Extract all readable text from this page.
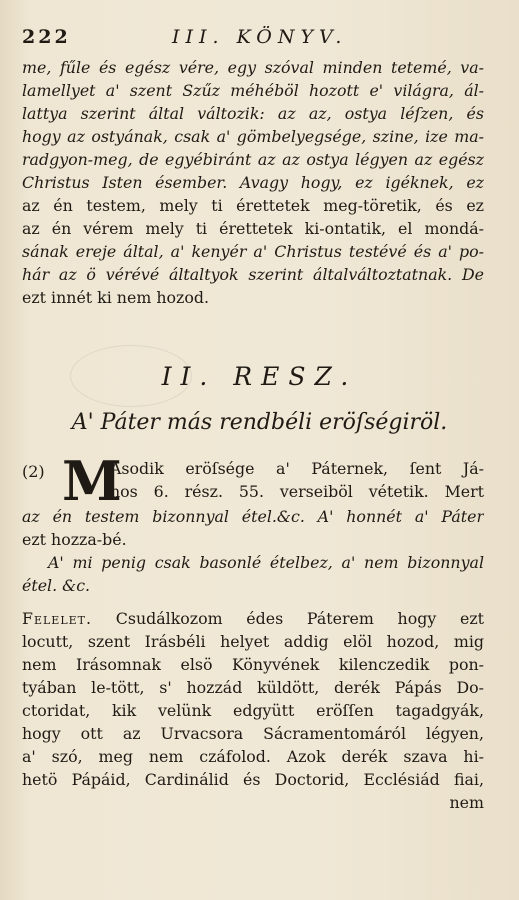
222	III. KÖNYV.
me, fűle és egész vére, egy szóval minden tetemé, va-
lamellyet a' szent Szűz méhéböl hozott e' világra, ál-
lattya szerint által változik: az az, ostya léſzen, és
hogy az ostyának, csak a' gömbelyegsége, szine, ize ma-
radgyon-meg, de egyébiránt az az ostya légyen az egész
Christus Isten ésember. Avagy hogy, ez igéknek, ez
az én testem, mely ti érettetek meg-töretik, és ez
az én vérem mely ti érettetek ki-ontatik, el mondá-
sának ereje által, a' kenyér a' Christus testévé és a' po-
hár az ö vérévé általtyok szerint általváltoztatnak. De
ezt innét ki nem hozod.
II. RESZ.
A' Páter más rendbéli eröſségiröl.
(2) M
Asodik eröſsége a' Páternek, ſent Já-
nos 6. rész. 55. verseiböl vétetik. Mert
az én testem bizonnyal étel.&c. A' honnét a' Páter
ezt hozza-bé.
A' mi penig csak basonlé ételbez, a' nem bizonnyal
étel. &c.
Felelet. Csudálkozom édes Páterem hogy ezt
locutt, szent Irásbéli helyet addig elöl hozod, mig
nem Irásomnak elsö Könyvének kilenczedik pon-
tyában le-tött, s' hozzád küldött, derék Pápás Do-
ctoridat, kik velünk edgyütt eröſſen tagadgyák,
hogy ott az Urvacsora Sácramentomáról légyen,
a' szó, meg nem czáfolod. Azok derék szava hi-
hetö Pápáid, Cardinálid és Doctorid, Ecclésiád fiai,
nem
